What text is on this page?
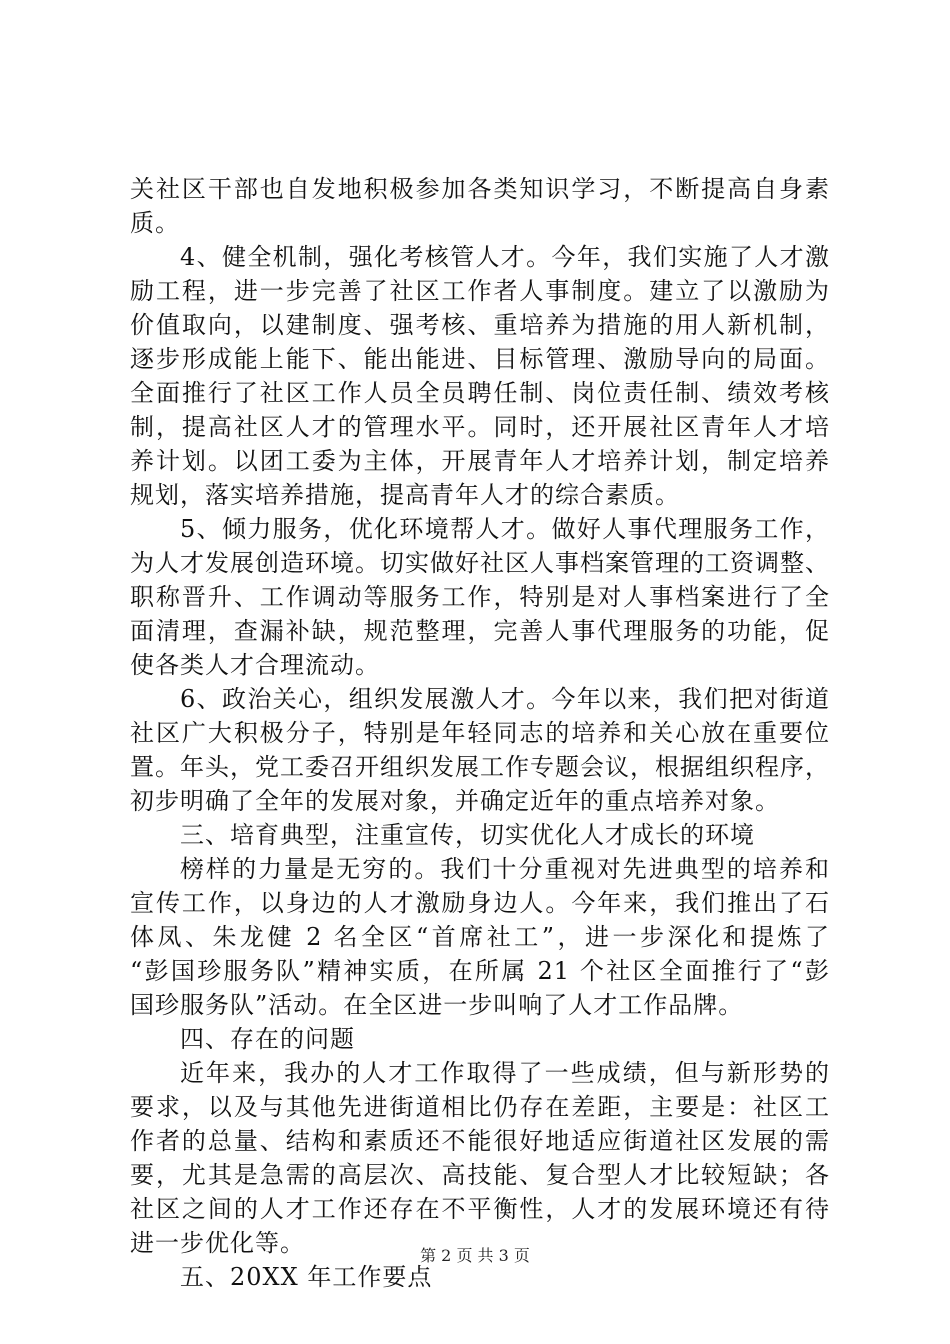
关社区干部也自发地积极参加各类知识学习，不断提高自身素
质。
4、健全机制，强化考核管人才。今年，我们实施了人才激
励工程，进一步完善了社区工作者人事制度。建立了以激励为
价值取向，以建制度、强考核、重培养为措施的用人新机制，
逐步形成能上能下、能出能进、目标管理、激励导向的局面。
全面推行了社区工作人员全员聘任制、岗位责任制、绩效考核
制，提高社区人才的管理水平。同时，还开展社区青年人才培
养计划。以团工委为主体，开展青年人才培养计划，制定培养
规划，落实培养措施，提高青年人才的综合素质。
5、倾力服务，优化环境帮人才。做好人事代理服务工作，
为人才发展创造环境。切实做好社区人事档案管理的工资调整、
职称晋升、工作调动等服务工作，特别是对人事档案进行了全
面清理，查漏补缺，规范整理，完善人事代理服务的功能，促
使各类人才合理流动。
6、政治关心，组织发展激人才。今年以来，我们把对街道
社区广大积极分子，特别是年轻同志的培养和关心放在重要位
置。年头，党工委召开组织发展工作专题会议，根据组织程序，
初步明确了全年的发展对象，并确定近年的重点培养对象。
三、培育典型，注重宣传，切实优化人才成长的环境
榜样的力量是无穷的。我们十分重视对先进典型的培养和
宣传工作，以身边的人才激励身边人。今年来，我们推出了石
体凤、朱龙健 2 名全区“首席社工”，进一步深化和提炼了
“彭国珍服务队”精神实质，在所属 21 个社区全面推行了“彭
国珍服务队”活动。在全区进一步叫响了人才工作品牌。
四、存在的问题
近年来，我办的人才工作取得了一些成绩，但与新形势的
要求，以及与其他先进街道相比仍存在差距，主要是：社区工
作者的总量、结构和素质还不能很好地适应街道社区发展的需
要，尤其是急需的高层次、高技能、复合型人才比较短缺；各
社区之间的人才工作还存在不平衡性，人才的发展环境还有待
进一步优化等。
五、20XX 年工作要点
第 2 页 共 3 页
